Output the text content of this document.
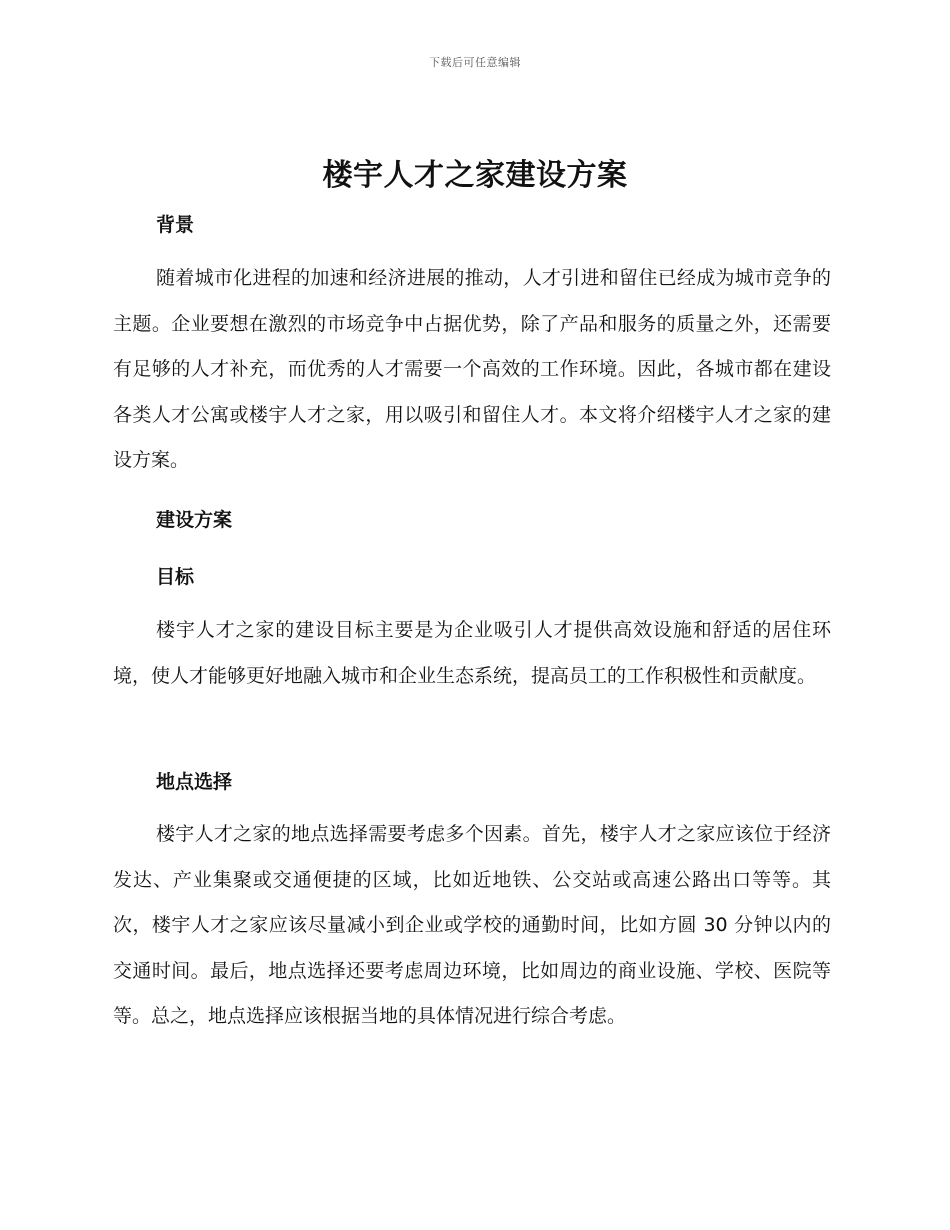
下载后可任意编辑
楼宇人才之家建设方案
背景
随着城市化进程的加速和经济进展的推动，人才引进和留住已经成为城市竞争的主题。企业要想在激烈的市场竞争中占据优势，除了产品和服务的质量之外，还需要有足够的人才补充，而优秀的人才需要一个高效的工作环境。因此，各城市都在建设各类人才公寓或楼宇人才之家，用以吸引和留住人才。本文将介绍楼宇人才之家的建设方案。
建设方案
目标
楼宇人才之家的建设目标主要是为企业吸引人才提供高效设施和舒适的居住环境，使人才能够更好地融入城市和企业生态系统，提高员工的工作积极性和贡献度。
地点选择
楼宇人才之家的地点选择需要考虑多个因素。首先，楼宇人才之家应该位于经济发达、产业集聚或交通便捷的区域，比如近地铁、公交站或高速公路出口等等。其次，楼宇人才之家应该尽量减小到企业或学校的通勤时间，比如方圆 30 分钟以内的交通时间。最后，地点选择还要考虑周边环境，比如周边的商业设施、学校、医院等等。总之，地点选择应该根据当地的具体情况进行综合考虑。
